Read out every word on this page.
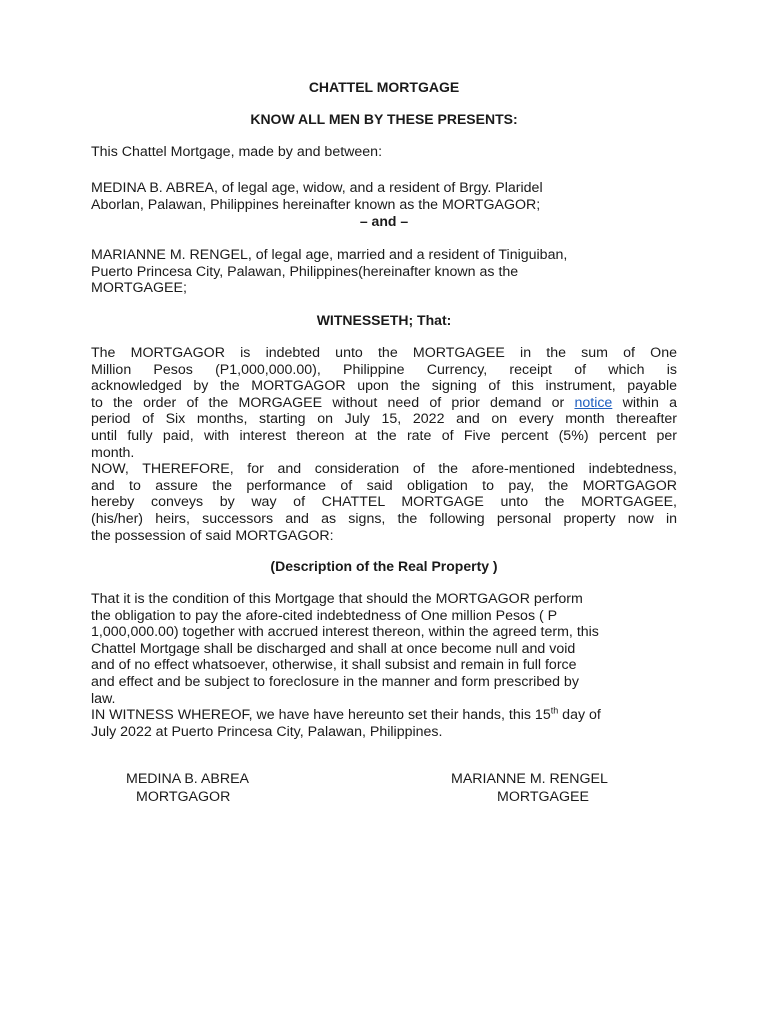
CHATTEL MORTGAGE
KNOW ALL MEN BY THESE PRESENTS:
This Chattel Mortgage, made by and between:
MEDINA B. ABREA, of legal age, widow, and a resident of Brgy. Plaridel
Aborlan, Palawan, Philippines hereinafter known as the MORTGAGOR;
– and –
MARIANNE M. RENGEL, of legal age, married and a resident of Tiniguiban,
Puerto Princesa City, Palawan, Philippines(hereinafter known as the
MORTGAGEE;
WITNESSETH; That:
The MORTGAGOR is indebted unto the MORTGAGEE in the sum of One
Million Pesos (P1,000,000.00), Philippine Currency, receipt of which is
acknowledged by the MORTGAGOR upon the signing of this instrument, payable
to the order of the MORGAGEE without need of prior demand or notice within a
period of Six months, starting on July 15, 2022 and on every month thereafter
until fully paid, with interest thereon at the rate of Five percent (5%) percent per
month.
NOW, THEREFORE, for and consideration of the afore-mentioned indebtedness,
and to assure the performance of said obligation to pay, the MORTGAGOR
hereby conveys by way of CHATTEL MORTGAGE unto the MORTGAGEE,
(his/her) heirs, successors and as signs, the following personal property now in
the possession of said MORTGAGOR:
(Description of the Real Property )
That it is the condition of this Mortgage that should the MORTGAGOR perform
the obligation to pay the afore-cited indebtedness of One million Pesos ( P
1,000,000.00) together with accrued interest thereon, within the agreed term, this
Chattel Mortgage shall be discharged and shall at once become null and void
and of no effect whatsoever, otherwise, it shall subsist and remain in full force
and effect and be subject to foreclosure in the manner and form prescribed by
law.
IN WITNESS WHEREOF, we have have hereunto set their hands, this 15th day of
July 2022 at Puerto Princesa City, Palawan, Philippines.
MEDINA B. ABREA
MORTGAGOR
MARIANNE M. RENGEL
MORTGAGEE
